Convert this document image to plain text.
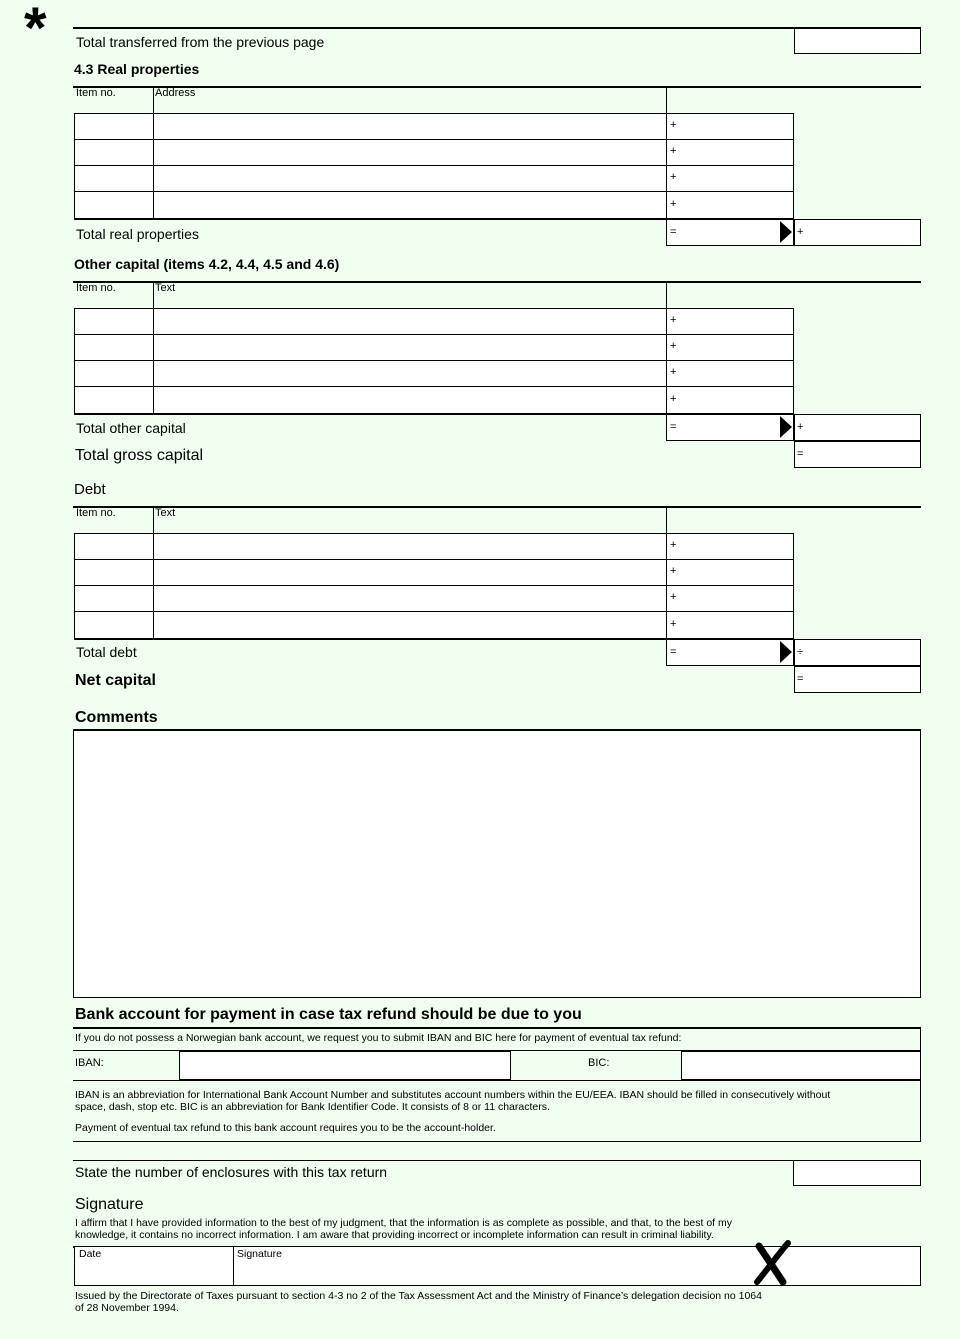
* Total transferred from the previous page
4.3 Real properties
Item no.	Address
+
+
+
+
Total real properties	=	+
Other capital (items 4.2, 4.4, 4.5 and 4.6)
Item no.	Text
+
+
+
+
Total other capital	=	+
Total gross capital	=
Debt
Item no.	Text
+
+
+
+
Total debt	=	÷
Net capital	=
Comments
Bank account for payment in case tax refund should be due to you
If you do not possess a Norwegian bank account, we request you to submit IBAN and BIC here for payment of eventual tax refund:
IBAN:	BIC:
IBAN is an abbreviation for International Bank Account Number and substitutes account numbers within the EU/EEA. IBAN should be filled in consecutively without space, dash, stop etc. BIC is an abbreviation for Bank Identifier Code. It consists of 8 or 11 characters.
Payment of eventual tax refund to this bank account requires you to be the account-holder.
State the number of enclosures with this tax return
Signature
I affirm that I have provided information to the best of my judgment, that the information is as complete as possible, and that, to the best of my knowledge, it contains no incorrect information. I am aware that providing incorrect or incomplete information can result in criminal liability.
Date	Signature
Issued by the Directorate of Taxes pursuant to section 4-3 no 2 of the Tax Assessment Act and the Ministry of Finance’s delegation decision no 1064 of 28 November 1994.
